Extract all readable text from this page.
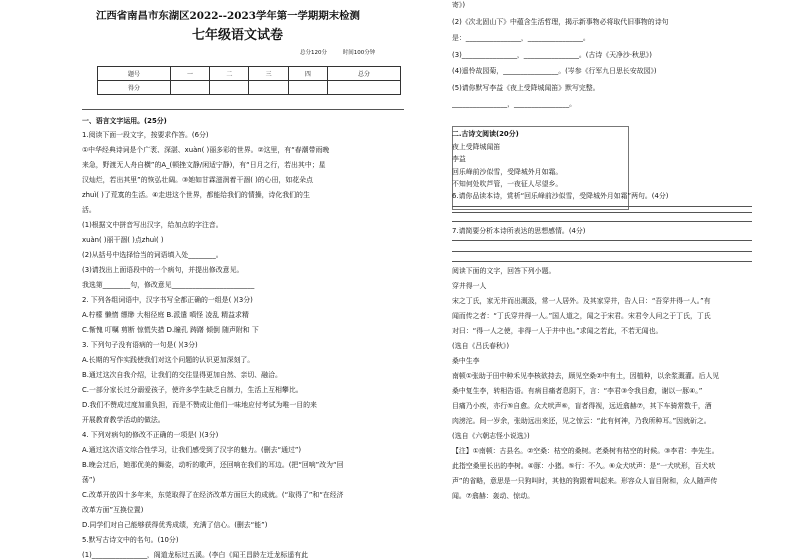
江西省南昌市东湖区2022--2023学年第一学期期末检测
七年级语文试卷
总分120分	时间100分钟
题号	一	二	三	四	总分
得分					
一、语言文字运用。(25分)
1.阅读下面一段文字，按要求作答。(6分)
①中华经典诗词是个广袤、深湛、xuàn( )丽多彩的世界。②这里，有“春潮带雨晚
来急，野渡无人舟自横”的A_(顿挫文静/闲适宁静)，有“日月之行，若出其中；星
汉灿烂，若出其里”的恢弘壮阔。③她如甘霖滋润着干涸( )的心田，如花朵点
zhuì( )了荒寞的生活。④走进这个世界，都能给我们的情操，诗化我们的生
活。
(1)根据文中拼音写出汉字，给加点的字注音。
xuàn( )丽干涸( )点zhuì( )
(2)从括号中选择恰当的词语填入处________。
(3)请找出上面语段中的一个病句，并提出修改意见。
我选第________句，修改意见________________________
2. 下列各组词语中，汉字书写全都正确的一组是( )(3分)
A.柠檬 懒惰 缥缈 大相径庭 B.派遣 嗔怪 凌乱 精益求精
C.惭愧 叮嘱 剪断 惊慌失措 D.瞳孔 踌躇 倾倒 随声附和 下
3. 下列句子没有语病的一句是( )(3分)
A.长期的写作实践使我们对这个问题的认识更加深刻了。
B.通过这次自我介绍，让我们的交往显得更加自然、亲切、融洽。
C.一部分家长过分溺爱孩子，使许多学生缺乏自制力，生活上互相攀比。
D.我们不赞成过度加重负担，而是不赞成让他们一味地应付考试为唯一目的来
开展教育教学活动的做法。
4. 下列对病句的修改不正确的一项是( )(3分)
A.通过这次语文综合性学习，让我们感受到了汉字的魅力。(删去“通过”)
B.晚会过后，她那优美的舞姿，动听的歌声，还回响在我们的耳边。(把“回响”改为“回
荡”)
C.改革开放四十多年来，东莞取得了在经济改革方面巨大的成就。(“取得了”和“在经济
改革方面”互换位置)
D.同学们对自己能够获得优秀成绩，充满了信心。(删去“能”)
5.默写古诗文中的名句。(10分)
(1)________________，阁道龙标过五溪。(李白《闻王昌龄左迁龙标遥有此
寄》)
(2)《次北固山下》中蕴含生活哲理，揭示新事物必将取代旧事物的诗句
是：________________，________________。
(3)________________，________________。(古诗《天净沙·秋思》)
(4)遥怜故园菊，________________。(岑参《行军九日思长安故园》)
(5)请你默写李益《夜上受降城闻笛》默写完整。
________________，________________。
二.古诗文阅读(20分)
夜上受降城闻笛
李益
回乐峰前沙似雪，受降城外月如霜。
不知何处吹芦管，一夜征人尽望乡。
6.请你品读本诗，赏析“回乐峰前沙似雪，受降城外月如霜”两句。(4分)
7.请简要分析本诗所表达的思想感情。(4分)
阅读下面的文字，回答下列小题。
穿井得一人
宋之丁氏，家无井而出溉汲，常一人居外。及其家穿井，告人曰：“吾穿井得一人。”有
闻而传之者：“丁氏穿井得一人。”国人道之，闻之于宋君。宋君令人问之于丁氏，丁氏
对曰：“得一人之使，非得一人于井中也。”求闻之若此，不若无闻也。
(选自《吕氏春秋》)
桑中生李
南顿①张助于田中种禾见李核欲持去，顾见空桑②中有土，因植种，以余浆溉灌。后人见
桑中复生李，转相告语。有病目痛者息阴下，言：“李君③令我目愈，谢以一豚④。”
目痛乃小疾，亦行⑤自愈。众犬吠声⑥，盲者得视，远近翕赫⑦，其下车骑常数千，酒
肉滂沱。间一岁余，张助远出来还，见之惊云：“此有何神，乃我所种耳。”因就斫之。
(选自《六朝志怪小说选》)
【注】①南顿：古县名。②空桑：枯空的桑树。老桑树有枯空的时候。③李君：李先生。
此指空桑里长出的李树。④豚：小猪。⑤行：不久。⑥众犬吠声：是“一犬吠形，百犬吠
声”的省略，意思是一只狗叫时，其他的狗跟着叫起来。形容众人盲目附和，众人随声传
闻。⑦翕赫：轰动、惊动。
